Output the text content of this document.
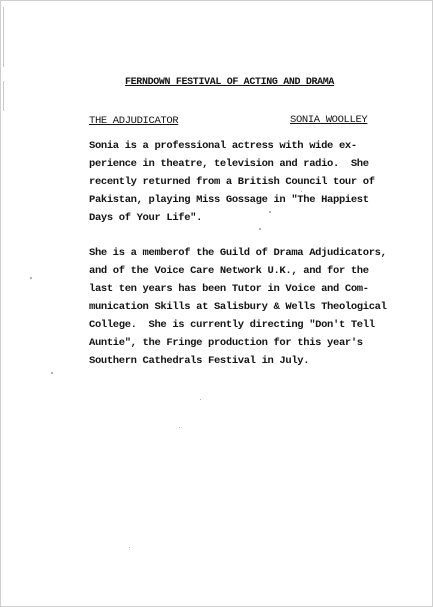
FERNDOWN FESTIVAL OF ACTING AND DRAMA
THE ADJUDICATOR	SONIA WOOLLEY

Sonia is a professional actress with wide ex-
perience in theatre, television and radio.  She
recently returned from a British Council tour of
Pakistan, playing Miss Gossage in "The Happiest
Days of Your Life".

She is a memberof the Guild of Drama Adjudicators,
and of the Voice Care Network U.K., and for the
last ten years has been Tutor in Voice and Com-
munication Skills at Salisbury & Wells Theological
College.  She is currently directing "Don't Tell
Auntie", the Fringe production for this year's
Southern Cathedrals Festival in July.
